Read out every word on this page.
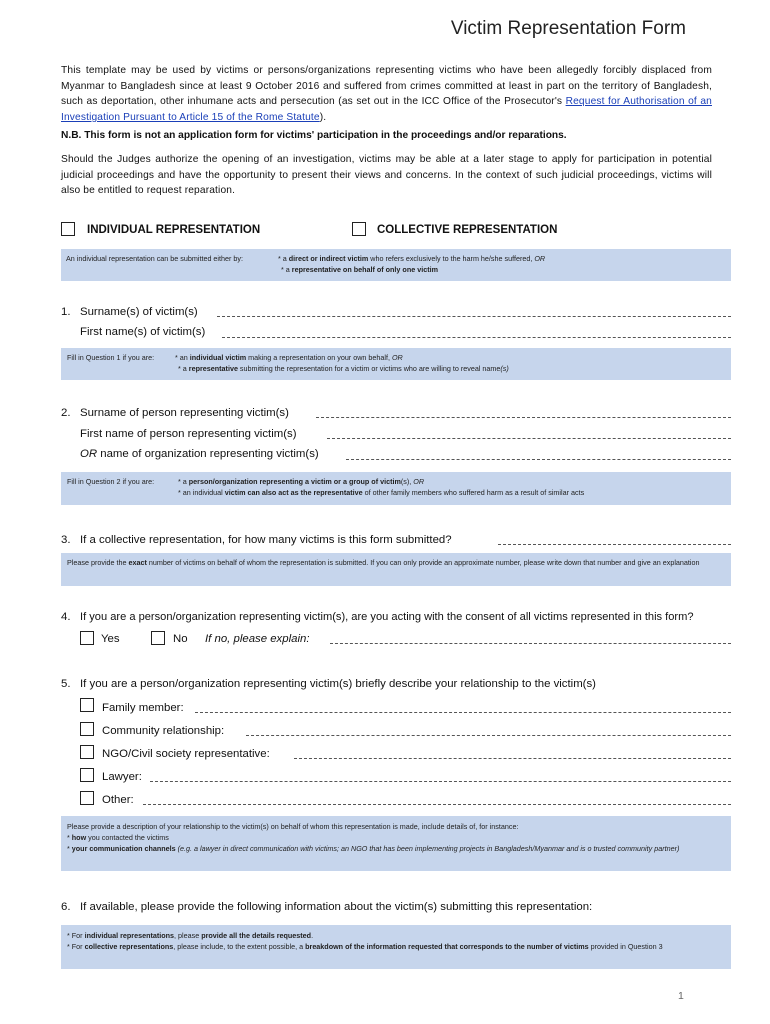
Victim Representation Form
This template may be used by victims or persons/organizations representing victims who have been allegedly forcibly displaced from Myanmar to Bangladesh since at least 9 October 2016 and suffered from crimes committed at least in part on the territory of Bangladesh, such as deportation, other inhumane acts and persecution (as set out in the ICC Office of the Prosecutor's Request for Authorisation of an Investigation Pursuant to Article 15 of the Rome Statute).
N.B. This form is not an application form for victims' participation in the proceedings and/or reparations.
Should the Judges authorize the opening of an investigation, victims may be able at a later stage to apply for participation in potential judicial proceedings and have the opportunity to present their views and concerns. In the context of such judicial proceedings, victims will also be entitled to request reparation.
INDIVIDUAL REPRESENTATION	COLLECTIVE REPRESENTATION
An individual representation can be submitted either by:	* a direct or indirect victim who refers exclusively to the harm he/she suffered, OR
* a representative on behalf of only one victim
1. Surname(s) of victim(s)
First name(s) of victim(s)
Fill in Question 1 if you are:	* an individual victim making a representation on your own behalf, OR
* a representative submitting the representation for a victim or victims who are willing to reveal name(s)
2. Surname of person representing victim(s)
First name of person representing victim(s)
OR name of organization representing victim(s)
Fill in Question 2 if you are:	* a person/organization representing a victim or a group of victim(s), OR
* an individual victim can also act as the representative of other family members who suffered harm as a result of similar acts
3. If a collective representation, for how many victims is this form submitted?
Please provide the exact number of victims on behalf of whom the representation is submitted. If you can only provide an approximate number, please write down that number and give an explanation
4. If you are a person/organization representing victim(s), are you acting with the consent of all victims represented in this form?
Yes	No If no, please explain:
5. If you are a person/organization representing victim(s) briefly describe your relationship to the victim(s)
Family member:
Community relationship:
NGO/Civil society representative:
Lawyer:
Other:
Please provide a description of your relationship to the victim(s) on behalf of whom this representation is made, include details of, for instance:
* how you contacted the victims
* your communication channels (e.g. a lawyer in direct communication with victims; an NGO that has been implementing projects in Bangladesh/Myanmar and is o trusted community partner)
6. If available, please provide the following information about the victim(s) submitting this representation:
* For individual representations, please provide all the details requested.
* For collective representations, please include, to the extent possible, a breakdown of the information requested that corresponds to the number of victims provided in Question 3
1
